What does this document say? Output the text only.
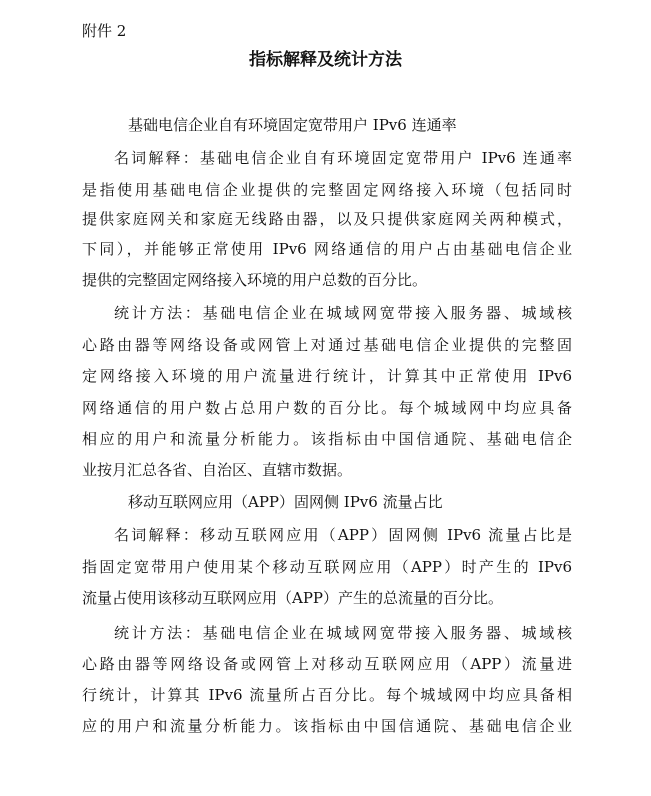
附件 2
指标解释及统计方法
基础电信企业自有环境固定宽带用户 IPv6 连通率
名词解释：基础电信企业自有环境固定宽带用户 IPv6 连通率
是指使用基础电信企业提供的完整固定网络接入环境（包括同时
提供家庭网关和家庭无线路由器，以及只提供家庭网关两种模式，
下同），并能够正常使用 IPv6 网络通信的用户占由基础电信企业
提供的完整固定网络接入环境的用户总数的百分比。
统计方法：基础电信企业在城域网宽带接入服务器、城域核
心路由器等网络设备或网管上对通过基础电信企业提供的完整固
定网络接入环境的用户流量进行统计，计算其中正常使用 IPv6
网络通信的用户数占总用户数的百分比。每个城域网中均应具备
相应的用户和流量分析能力。该指标由中国信通院、基础电信企
业按月汇总各省、自治区、直辖市数据。
移动互联网应用（APP）固网侧 IPv6 流量占比
名词解释：移动互联网应用（APP）固网侧 IPv6 流量占比是
指固定宽带用户使用某个移动互联网应用（APP）时产生的 IPv6
流量占使用该移动互联网应用（APP）产生的总流量的百分比。
统计方法：基础电信企业在城域网宽带接入服务器、城域核
心路由器等网络设备或网管上对移动互联网应用（APP）流量进
行统计，计算其 IPv6 流量所占百分比。每个城域网中均应具备相
应的用户和流量分析能力。该指标由中国信通院、基础电信企业
